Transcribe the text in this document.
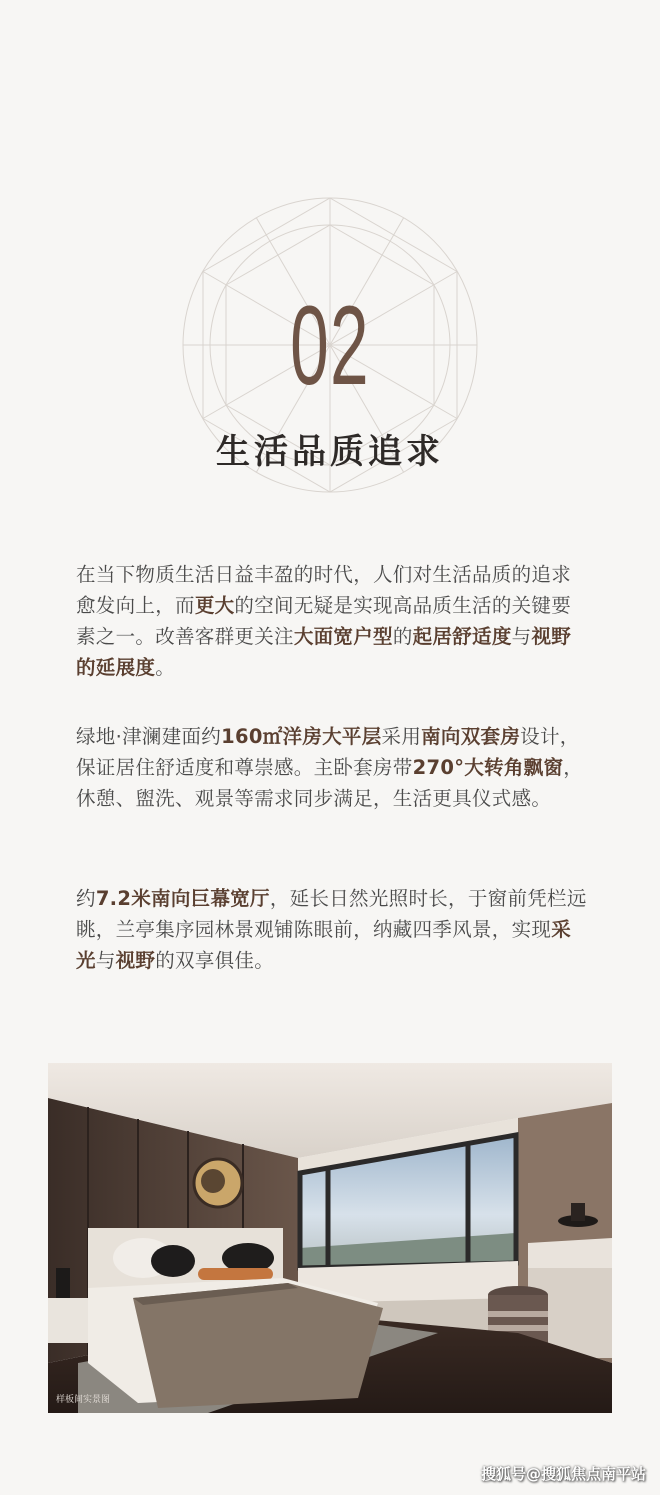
02
生活品质追求

在当下物质生活日益丰盈的时代，人们对生活品质的追求愈发向上，而更大的空间无疑是实现高品质生活的关键要素之一。改善客群更关注大面宽户型的起居舒适度与视野的延展度。

绿地·津澜建面约160㎡洋房大平层采用南向双套房设计，保证居住舒适度和尊崇感。主卧套房带270°大转角飘窗，休憩、盥洗、观景等需求同步满足，生活更具仪式感。

约7.2米南向巨幕宽厅，延长日然光照时长，于窗前凭栏远眺，兰亭集序园林景观铺陈眼前，纳藏四季风景，实现采光与视野的双享俱佳。

样板间实景图
搜狐号@搜狐焦点南平站
